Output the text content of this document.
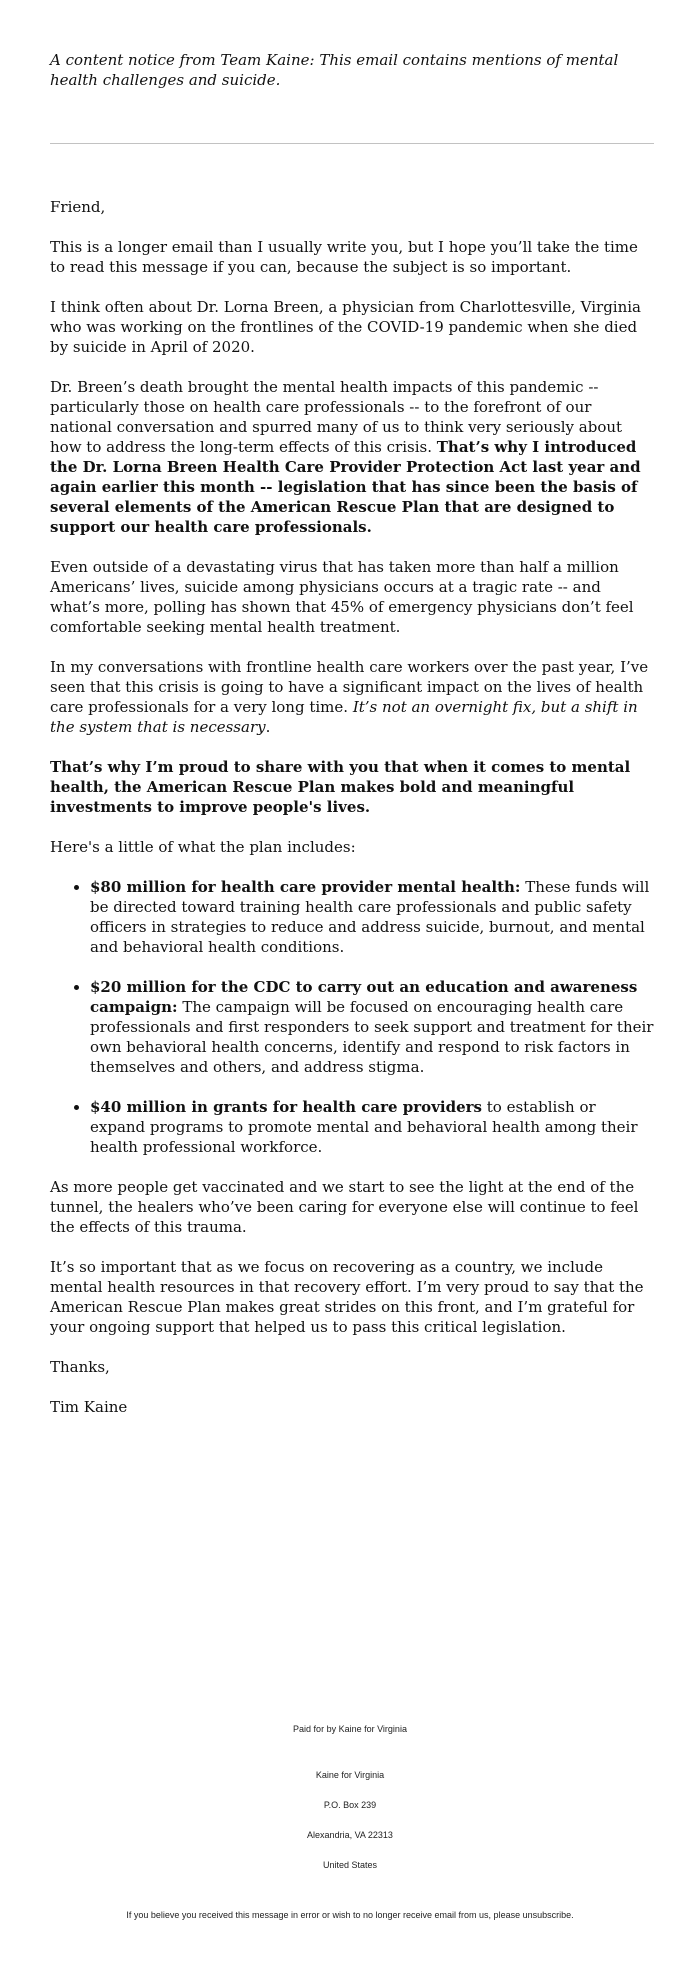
A content notice from Team Kaine: This email contains mentions of mental health challenges and suicide.

Friend,

This is a longer email than I usually write you, but I hope you’ll take the time to read this message if you can, because the subject is so important.

I think often about Dr. Lorna Breen, a physician from Charlottesville, Virginia who was working on the frontlines of the COVID-19 pandemic when she died by suicide in April of 2020.

Dr. Breen’s death brought the mental health impacts of this pandemic -- particularly those on health care professionals -- to the forefront of our national conversation and spurred many of us to think very seriously about how to address the long-term effects of this crisis. That’s why I introduced the Dr. Lorna Breen Health Care Provider Protection Act last year and again earlier this month -- legislation that has since been the basis of several elements of the American Rescue Plan that are designed to support our health care professionals.

Even outside of a devastating virus that has taken more than half a million Americans’ lives, suicide among physicians occurs at a tragic rate -- and what’s more, polling has shown that 45% of emergency physicians don’t feel comfortable seeking mental health treatment.

In my conversations with frontline health care workers over the past year, I’ve seen that this crisis is going to have a significant impact on the lives of health care professionals for a very long time. It’s not an overnight fix, but a shift in the system that is necessary.

That’s why I’m proud to share with you that when it comes to mental health, the American Rescue Plan makes bold and meaningful investments to improve people's lives.

Here's a little of what the plan includes:

• $80 million for health care provider mental health: These funds will be directed toward training health care professionals and public safety officers in strategies to reduce and address suicide, burnout, and mental and behavioral health conditions.
• $20 million for the CDC to carry out an education and awareness campaign: The campaign will be focused on encouraging health care professionals and first responders to seek support and treatment for their own behavioral health concerns, identify and respond to risk factors in themselves and others, and address stigma.
• $40 million in grants for health care providers to establish or expand programs to promote mental and behavioral health among their health professional workforce.

As more people get vaccinated and we start to see the light at the end of the tunnel, the healers who’ve been caring for everyone else will continue to feel the effects of this trauma.

It’s so important that as we focus on recovering as a country, we include mental health resources in that recovery effort. I’m very proud to say that the American Rescue Plan makes great strides on this front, and I’m grateful for your ongoing support that helped us to pass this critical legislation.

Thanks,

Tim Kaine

Paid for by Kaine for Virginia

Kaine for Virginia

P.O. Box 239

Alexandria, VA 22313

United States

If you believe you received this message in error or wish to no longer receive email from us, please unsubscribe.
